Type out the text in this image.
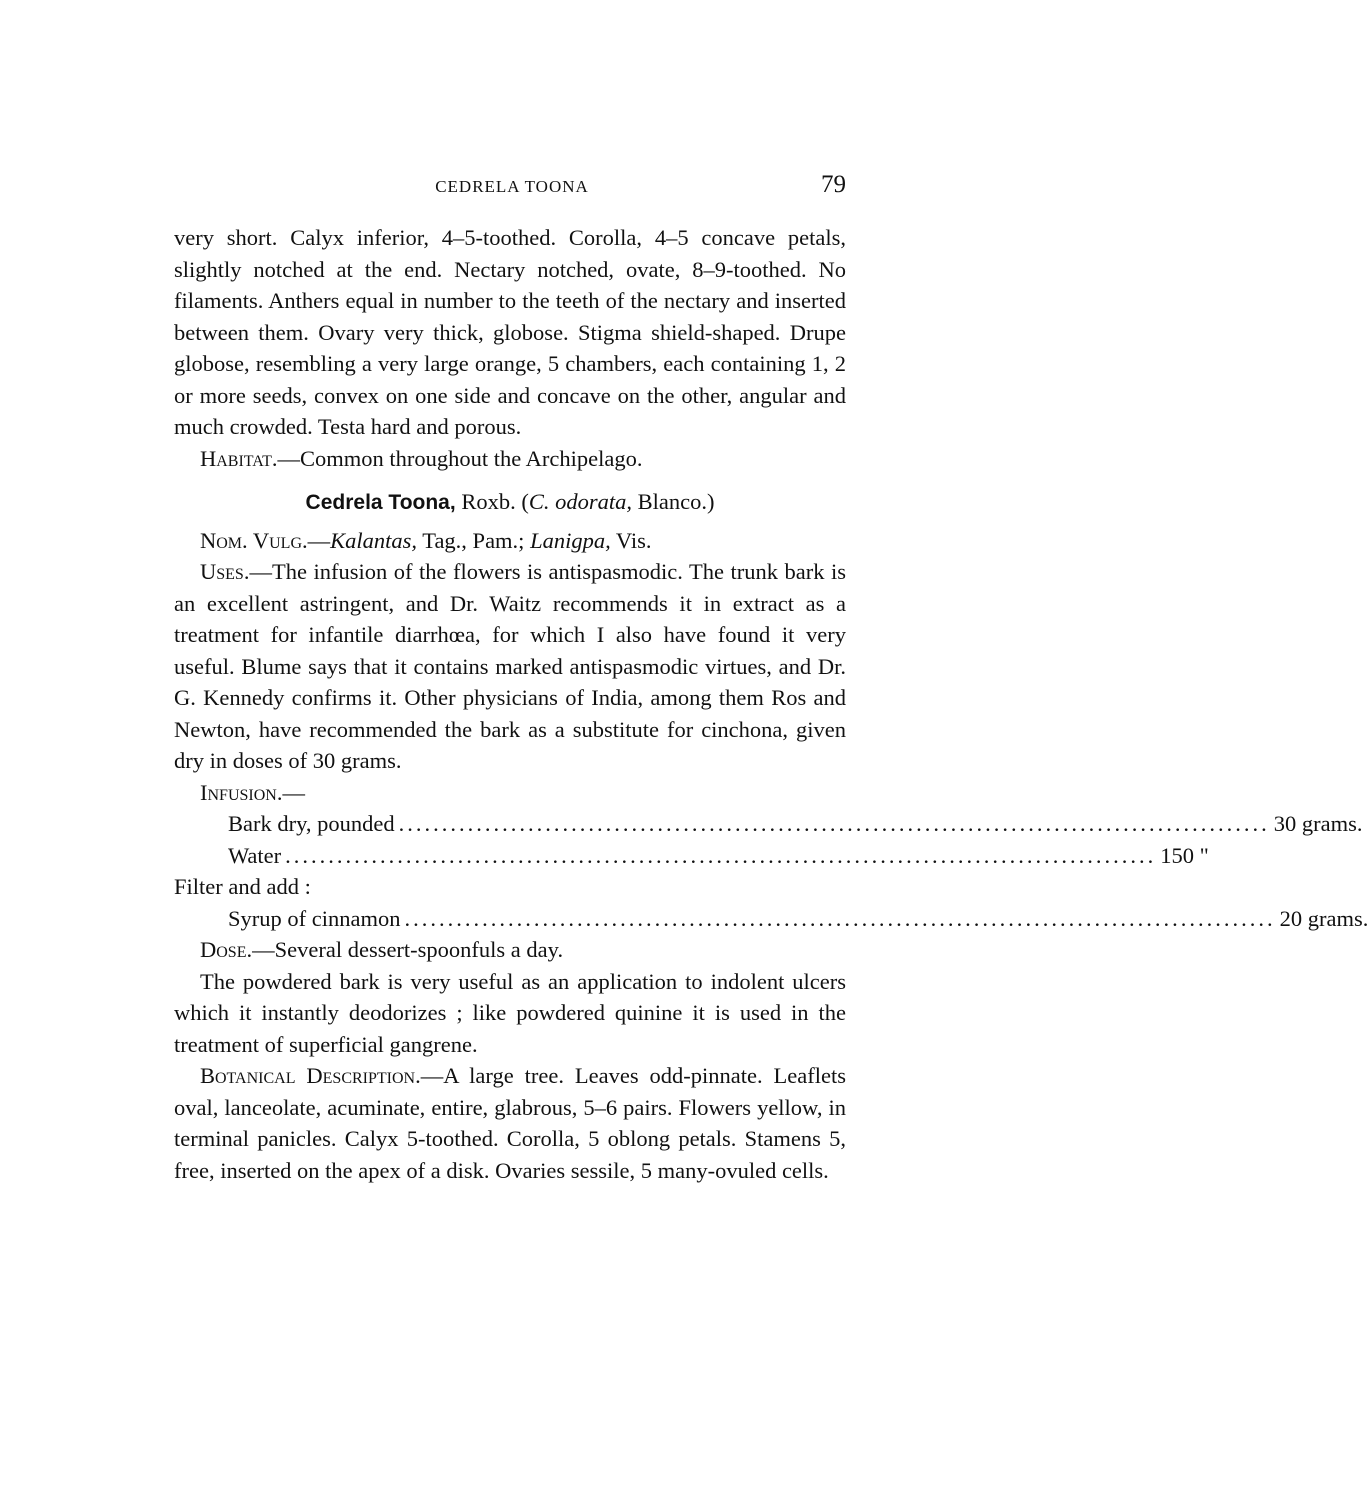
CEDRELA TOONA	79

very short. Calyx inferior, 4–5-toothed. Corolla, 4–5 concave petals, slightly notched at the end. Nectary notched, ovate, 8–9-toothed. No filaments. Anthers equal in number to the teeth of the nectary and inserted between them. Ovary very thick, globose. Stigma shield-shaped. Drupe globose, resembling a very large orange, 5 chambers, each containing 1, 2 or more seeds, convex on one side and concave on the other, angular and much crowded. Testa hard and porous.

Habitat.—Common throughout the Archipelago.

Cedrela Toona, Roxb. (C. odorata, Blanco.)

Nom. Vulg.—Kalantas, Tag., Pam.; Lanigpa, Vis.

Uses.—The infusion of the flowers is antispasmodic. The trunk bark is an excellent astringent, and Dr. Waitz recommends it in extract as a treatment for infantile diarrhœa, for which I also have found it very useful. Blume says that it contains marked antispasmodic virtues, and Dr. G. Kennedy confirms it. Other physicians of India, among them Ros and Newton, have recommended the bark as a substitute for cinchona, given dry in doses of 30 grams.

Infusion.—

Bark dry, pounded ..................................................................................................... 30 grams.
Water ..................................................................................................... 150 "

Filter and add :

Syrup of cinnamon ..................................................................................................... 20 grams.

Dose.—Several dessert-spoonfuls a day.

The powdered bark is very useful as an application to indolent ulcers which it instantly deodorizes ; like powdered quinine it is used in the treatment of superficial gangrene.

Botanical Description.—A large tree. Leaves odd-pinnate. Leaflets oval, lanceolate, acuminate, entire, glabrous, 5–6 pairs. Flowers yellow, in terminal panicles. Calyx 5-toothed. Corolla, 5 oblong petals. Stamens 5, free, inserted on the apex of a disk. Ovaries sessile, 5 many-ovuled cells.
